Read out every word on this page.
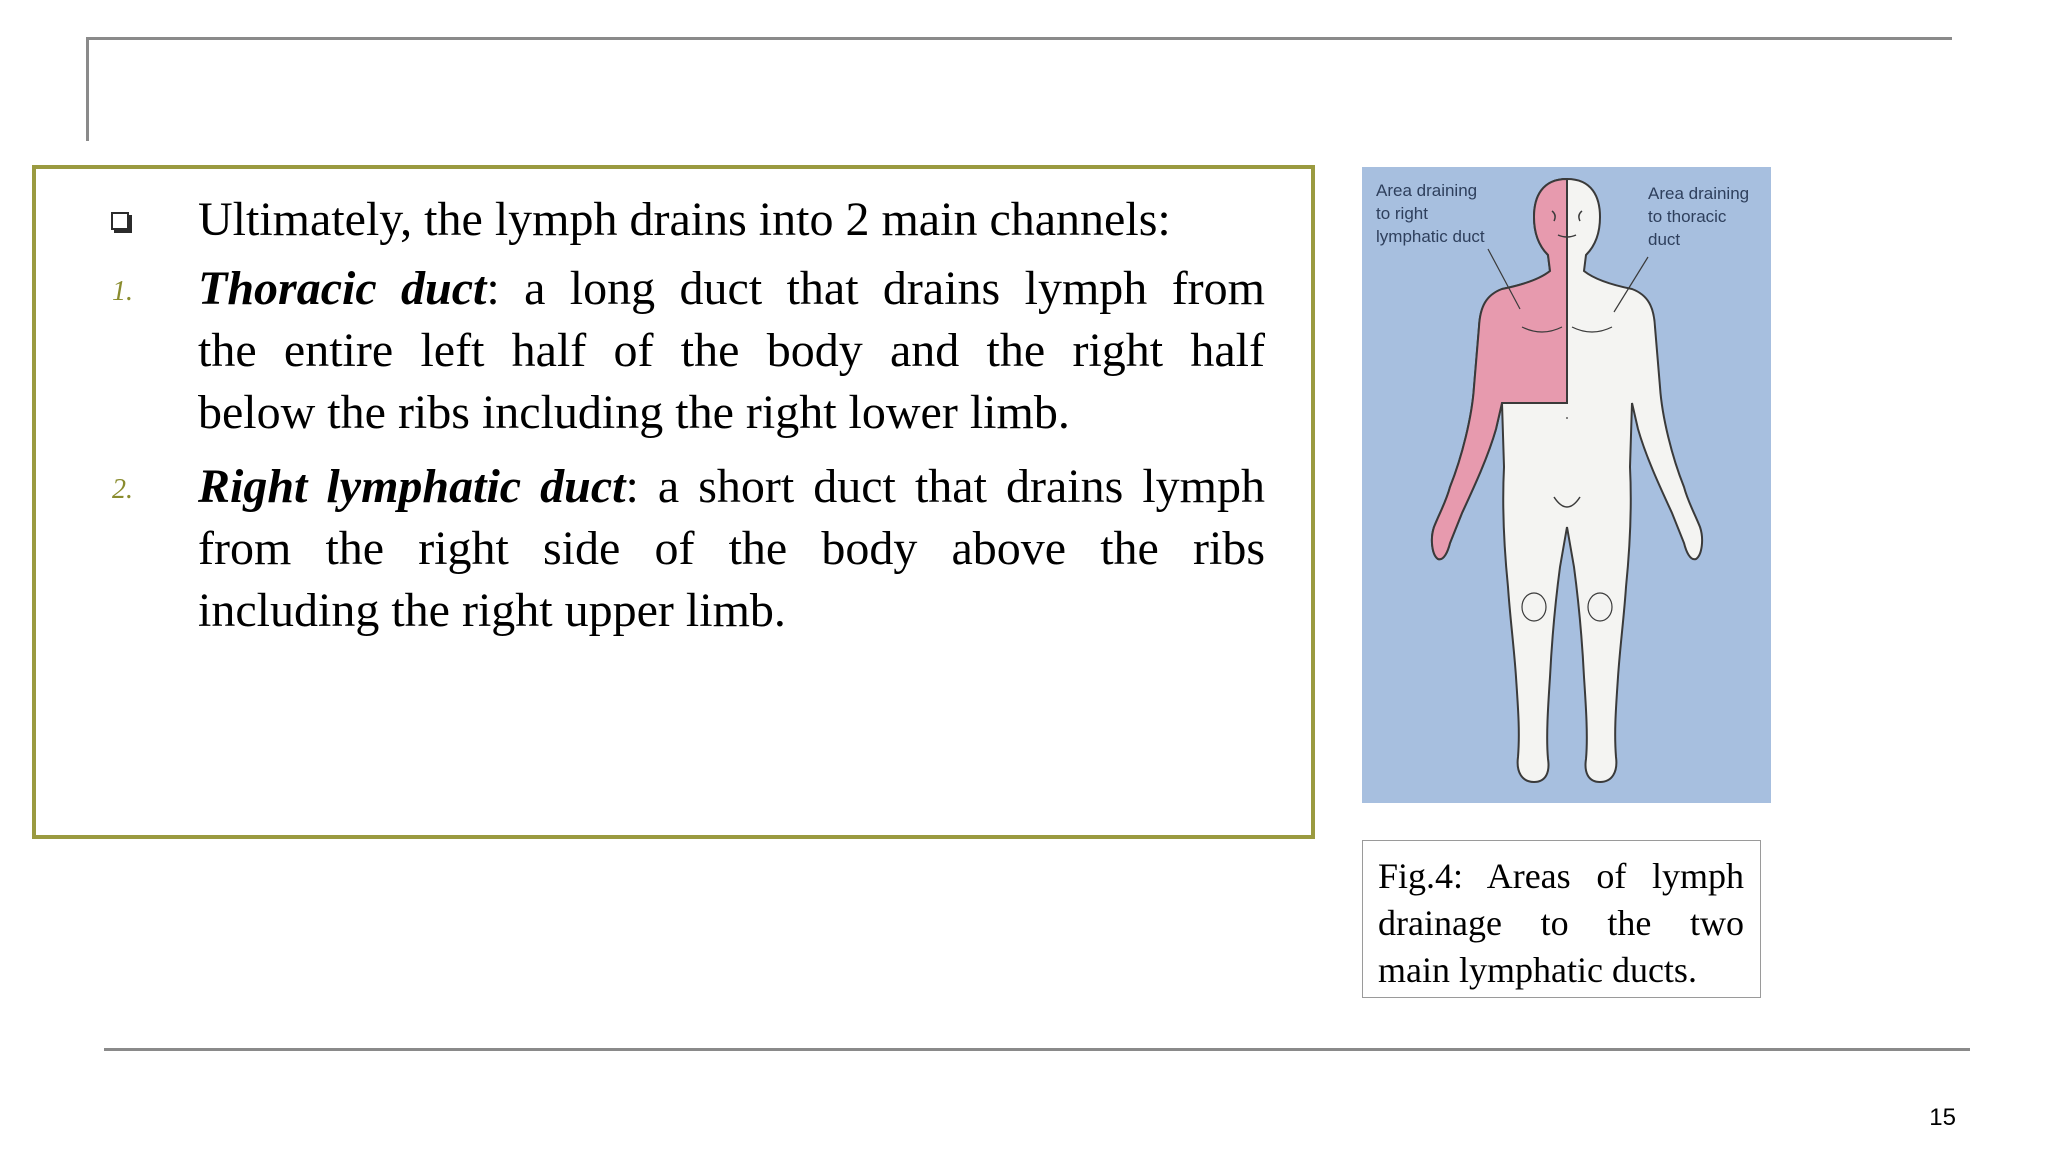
Ultimately, the lymph drains into 2 main channels:
1. Thoracic duct: a long duct that drains lymph from
the entire left half of the body and the right half
below the ribs including the right lower limb.
2. Right lymphatic duct: a short duct that drains lymph
from the right side of the body above the ribs
including the right upper limb.
Area draining
to right
lymphatic duct
Area draining
to thoracic
duct
Fig.4: Areas of lymph
drainage to the two
main lymphatic ducts.
15
